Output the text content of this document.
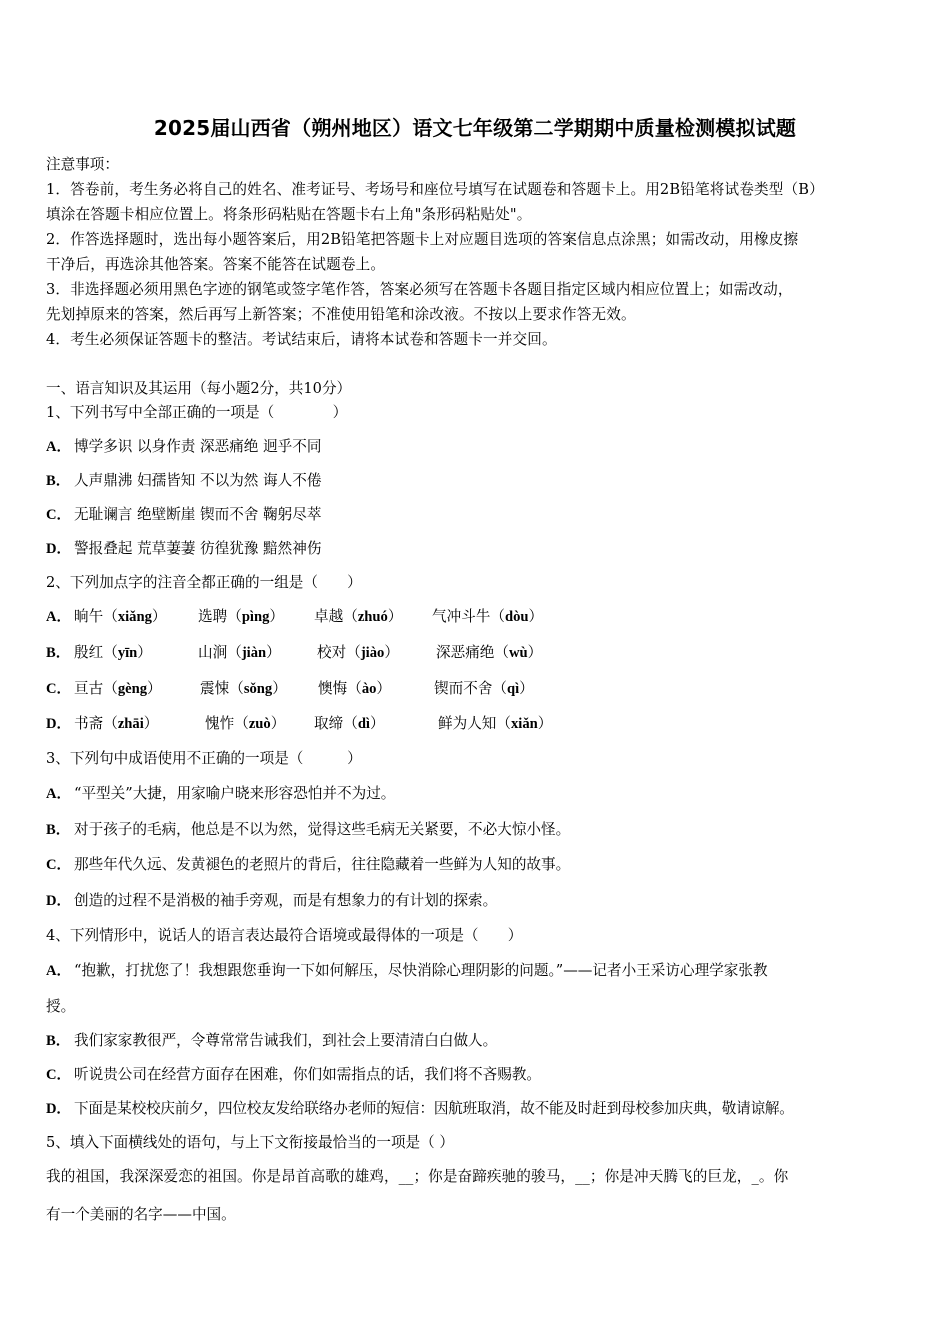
2025届山西省（朔州地区）语文七年级第二学期期中质量检测模拟试题
注意事项：
1．答卷前，考生务必将自己的姓名、准考证号、考场号和座位号填写在试题卷和答题卡上。用2B铅笔将试卷类型（B）
填涂在答题卡相应位置上。将条形码粘贴在答题卡右上角"条形码粘贴处"。
2．作答选择题时，选出每小题答案后，用2B铅笔把答题卡上对应题目选项的答案信息点涂黑；如需改动，用橡皮擦
干净后，再选涂其他答案。答案不能答在试题卷上。
3．非选择题必须用黑色字迹的钢笔或签字笔作答，答案必须写在答题卡各题目指定区域内相应位置上；如需改动，
先划掉原来的答案，然后再写上新答案；不准使用铅笔和涂改液。不按以上要求作答无效。
4．考生必须保证答题卡的整洁。考试结束后，请将本试卷和答题卡一并交回。
一、语言知识及其运用（每小题2分，共10分）
1、下列书写中全部正确的一项是（　　　　）
A． 博学多识 以身作责 深恶痛绝 迥乎不同
B． 人声鼎沸 妇孺皆知 不以为然 诲人不倦
C． 无耻谰言 绝壁断崖 锲而不舍 鞠躬尽萃
D． 警报叠起 荒草萋萋 彷徨犹豫 黯然神伤
2、下列加点字的注音全都正确的一组是（　　）
A． 晌午（xiǎng） 选聘（pìng） 卓越（zhuó） 气冲斗牛（dòu）
B． 殷红（yīn）	山涧（jiàn） 校对（jiào）	深恶痛绝（wù）
C． 亘古（gèng）	震悚（sǒng） 懊悔（ào）	锲而不舍（qì）
D． 书斋（zhāi）	愧怍（zuò） 取缔（dì）	鲜为人知（xiǎn）
3、下列句中成语使用不正确的一项是（　　　）
A． “平型关”大捷，用家喻户晓来形容恐怕并不为过。
B． 对于孩子的毛病，他总是不以为然，觉得这些毛病无关紧要，不必大惊小怪。
C． 那些年代久远、发黄褪色的老照片的背后，往往隐藏着一些鲜为人知的故事。
D． 创造的过程不是消极的袖手旁观，而是有想象力的有计划的探索。
4、下列情形中，说话人的语言表达最符合语境或最得体的一项是（　　）
A． “抱歉，打扰您了！我想跟您垂询一下如何解压，尽快消除心理阴影的问题。”——记者小王采访心理学家张教
授。
B． 我们家家教很严，令尊常常告诫我们，到社会上要清清白白做人。
C． 听说贵公司在经营方面存在困难，你们如需指点的话，我们将不吝赐教。
D． 下面是某校校庆前夕，四位校友发给联络办老师的短信：因航班取消，故不能及时赶到母校参加庆典，敬请谅解。
5、填入下面横线处的语句，与上下文衔接最恰当的一项是（ ）
我的祖国，我深深爱恋的祖国。你是昂首高歌的雄鸡，__；你是奋蹄疾驰的骏马，__；你是冲天腾飞的巨龙，_。你
有一个美丽的名字——中国。
